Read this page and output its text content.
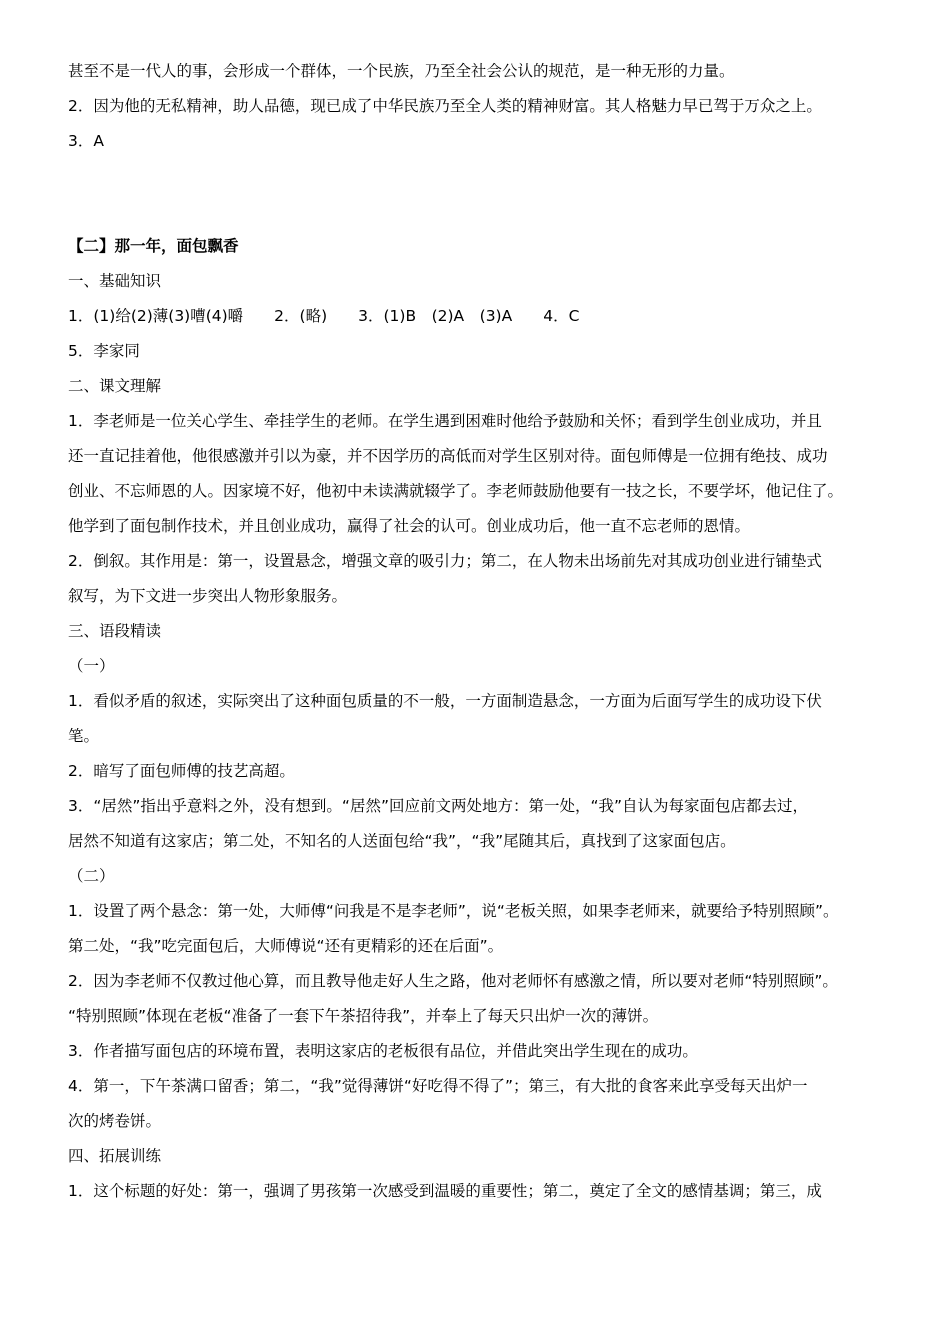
甚至不是一代人的事，会形成一个群体，一个民族，乃至全社会公认的规范，是一种无形的力量。
2．因为他的无私精神，助人品德，现已成了中华民族乃至全人类的精神财富。其人格魅力早已驾于万众之上。
3．A
【二】那一年，面包飘香
一、基础知识
1．(1)给(2)薄(3)嘈(4)嚼　　2．(略)　　3．(1)B　(2)A　(3)A　　4．C
5．李家同
二、课文理解
1．李老师是一位关心学生、牵挂学生的老师。在学生遇到困难时他给予鼓励和关怀；看到学生创业成功，并且
还一直记挂着他，他很感激并引以为豪，并不因学历的高低而对学生区别对待。面包师傅是一位拥有绝技、成功
创业、不忘师恩的人。因家境不好，他初中未读满就辍学了。李老师鼓励他要有一技之长，不要学坏，他记住了。
他学到了面包制作技术，并且创业成功，赢得了社会的认可。创业成功后，他一直不忘老师的恩情。
2．倒叙。其作用是：第一，设置悬念，增强文章的吸引力；第二，在人物未出场前先对其成功创业进行铺垫式
叙写，为下文进一步突出人物形象服务。
三、语段精读
（一）
1．看似矛盾的叙述，实际突出了这种面包质量的不一般，一方面制造悬念，一方面为后面写学生的成功设下伏
笔。
2．暗写了面包师傅的技艺高超。
3．“居然”指出乎意料之外，没有想到。“居然”回应前文两处地方：第一处，“我”自认为每家面包店都去过，
居然不知道有这家店；第二处，不知名的人送面包给“我”，“我”尾随其后，真找到了这家面包店。
（二）
1．设置了两个悬念：第一处，大师傅“问我是不是李老师”，说“老板关照，如果李老师来，就要给予特别照顾”。
第二处，“我”吃完面包后，大师傅说“还有更精彩的还在后面”。
2．因为李老师不仅教过他心算，而且教导他走好人生之路，他对老师怀有感激之情，所以要对老师“特别照顾”。
“特别照顾”体现在老板“准备了一套下午茶招待我”，并奉上了每天只出炉一次的薄饼。
3．作者描写面包店的环境布置，表明这家店的老板很有品位，并借此突出学生现在的成功。
4．第一，下午茶满口留香；第二，“我”觉得薄饼“好吃得不得了”；第三，有大批的食客来此享受每天出炉一
次的烤卷饼。
四、拓展训练
1．这个标题的好处：第一，强调了男孩第一次感受到温暖的重要性；第二，奠定了全文的感情基调；第三，成
